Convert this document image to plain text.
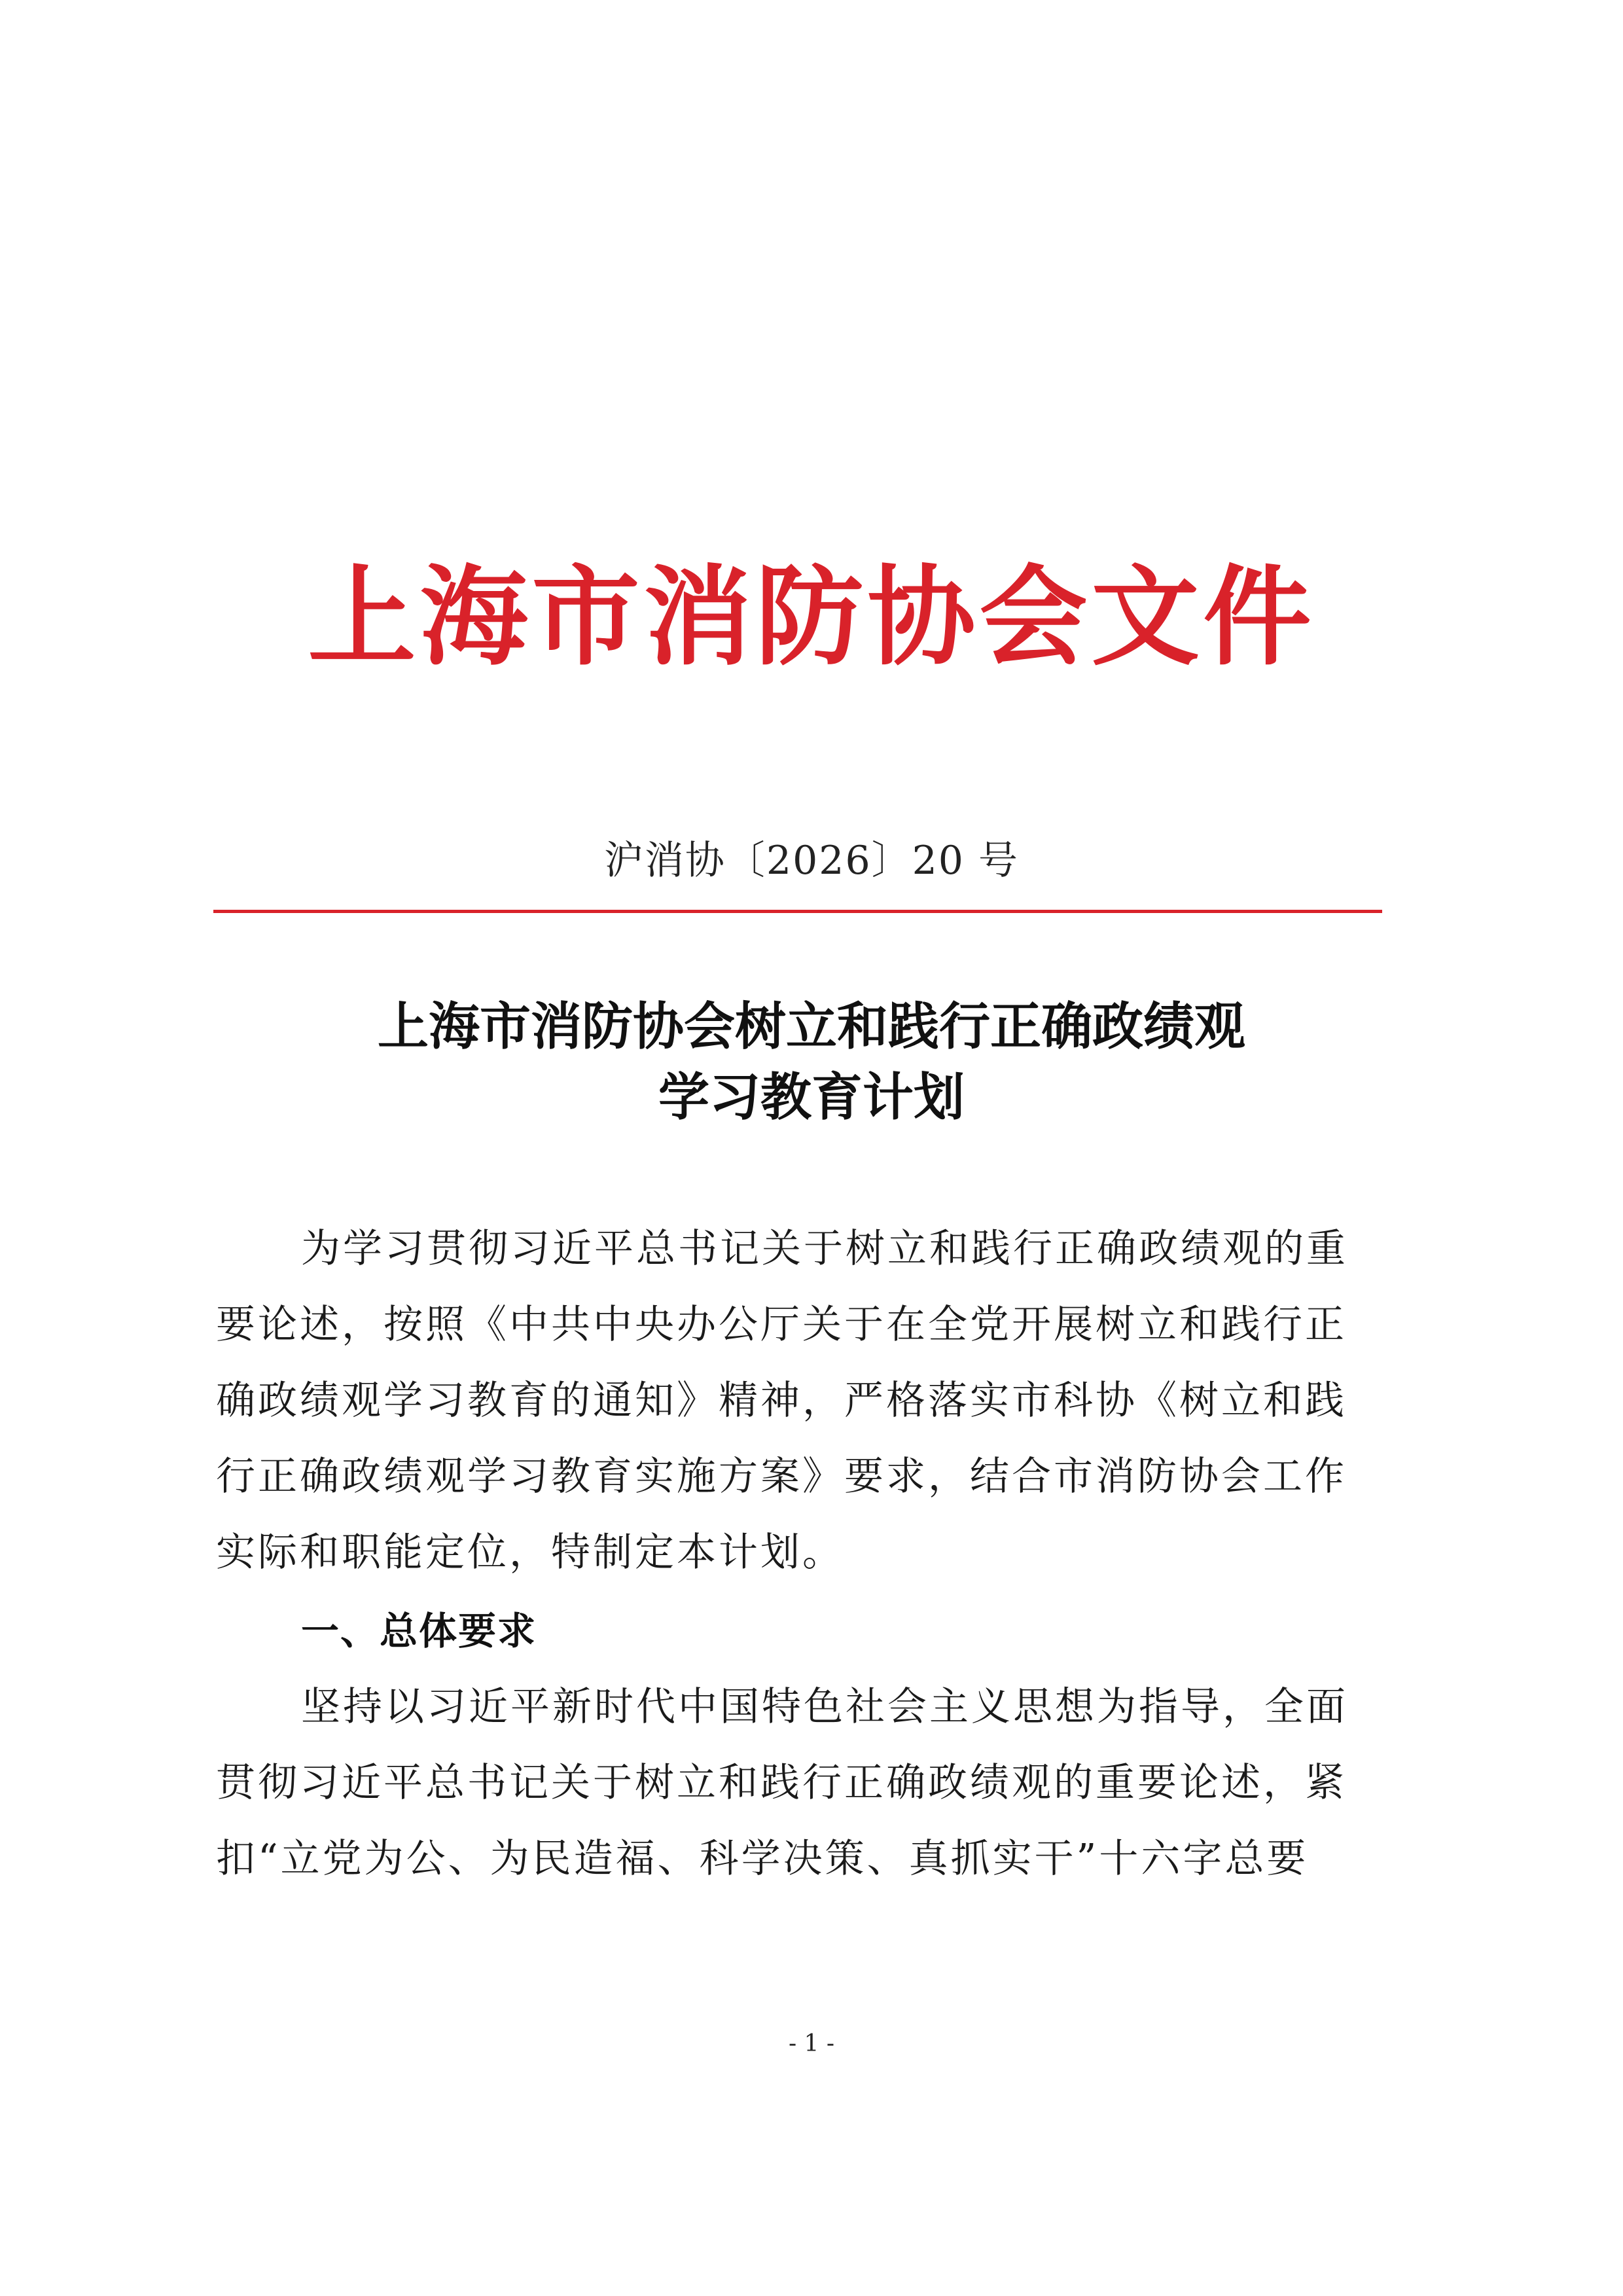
上海市消防协会文件
沪消协〔2026〕20 号
上海市消防协会树立和践行正确政绩观
学习教育计划
为学习贯彻习近平总书记关于树立和践行正确政绩观的重要论述，按照《中共中央办公厅关于在全党开展树立和践行正确政绩观学习教育的通知》精神，严格落实市科协《树立和践行正确政绩观学习教育实施方案》要求，结合市消防协会工作实际和职能定位，特制定本计划。
一、总体要求
坚持以习近平新时代中国特色社会主义思想为指导，全面贯彻习近平总书记关于树立和践行正确政绩观的重要论述，紧扣“立党为公、为民造福、科学决策、真抓实干”十六字总要
- 1 -
